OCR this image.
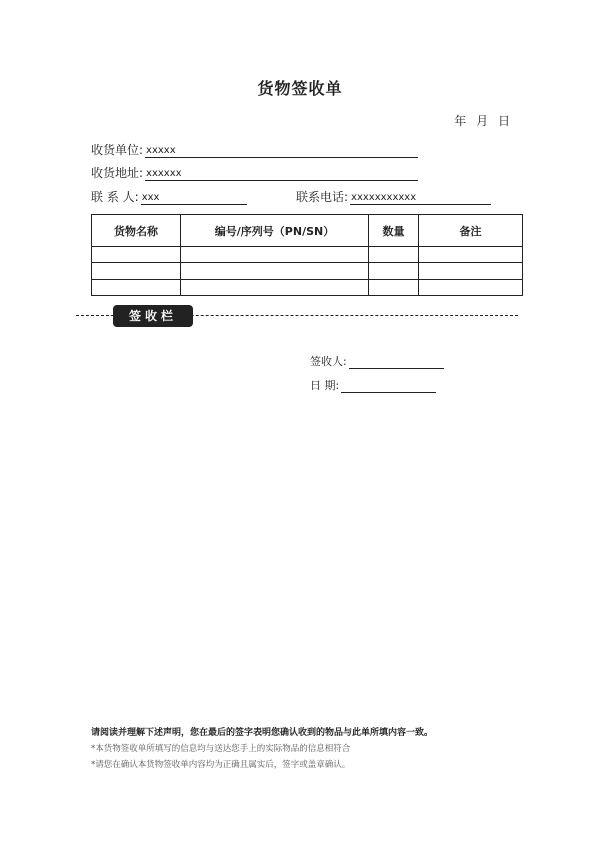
货物签收单
年 月 日
收货单位: xxxxx
收货地址: xxxxxx
联 系 人: xxx	联系电话: xxxxxxxxxxx
货物名称	编号/序列号（PN/SN）	数量	备注

签收栏
签收人:
日 期:
请阅读并理解下述声明，您在最后的签字表明您确认收到的物品与此单所填内容一致。
*本货物签收单所填写的信息均与送达您手上的实际物品的信息相符合
*请您在确认本货物签收单内容均为正确且属实后，签字或盖章确认。
